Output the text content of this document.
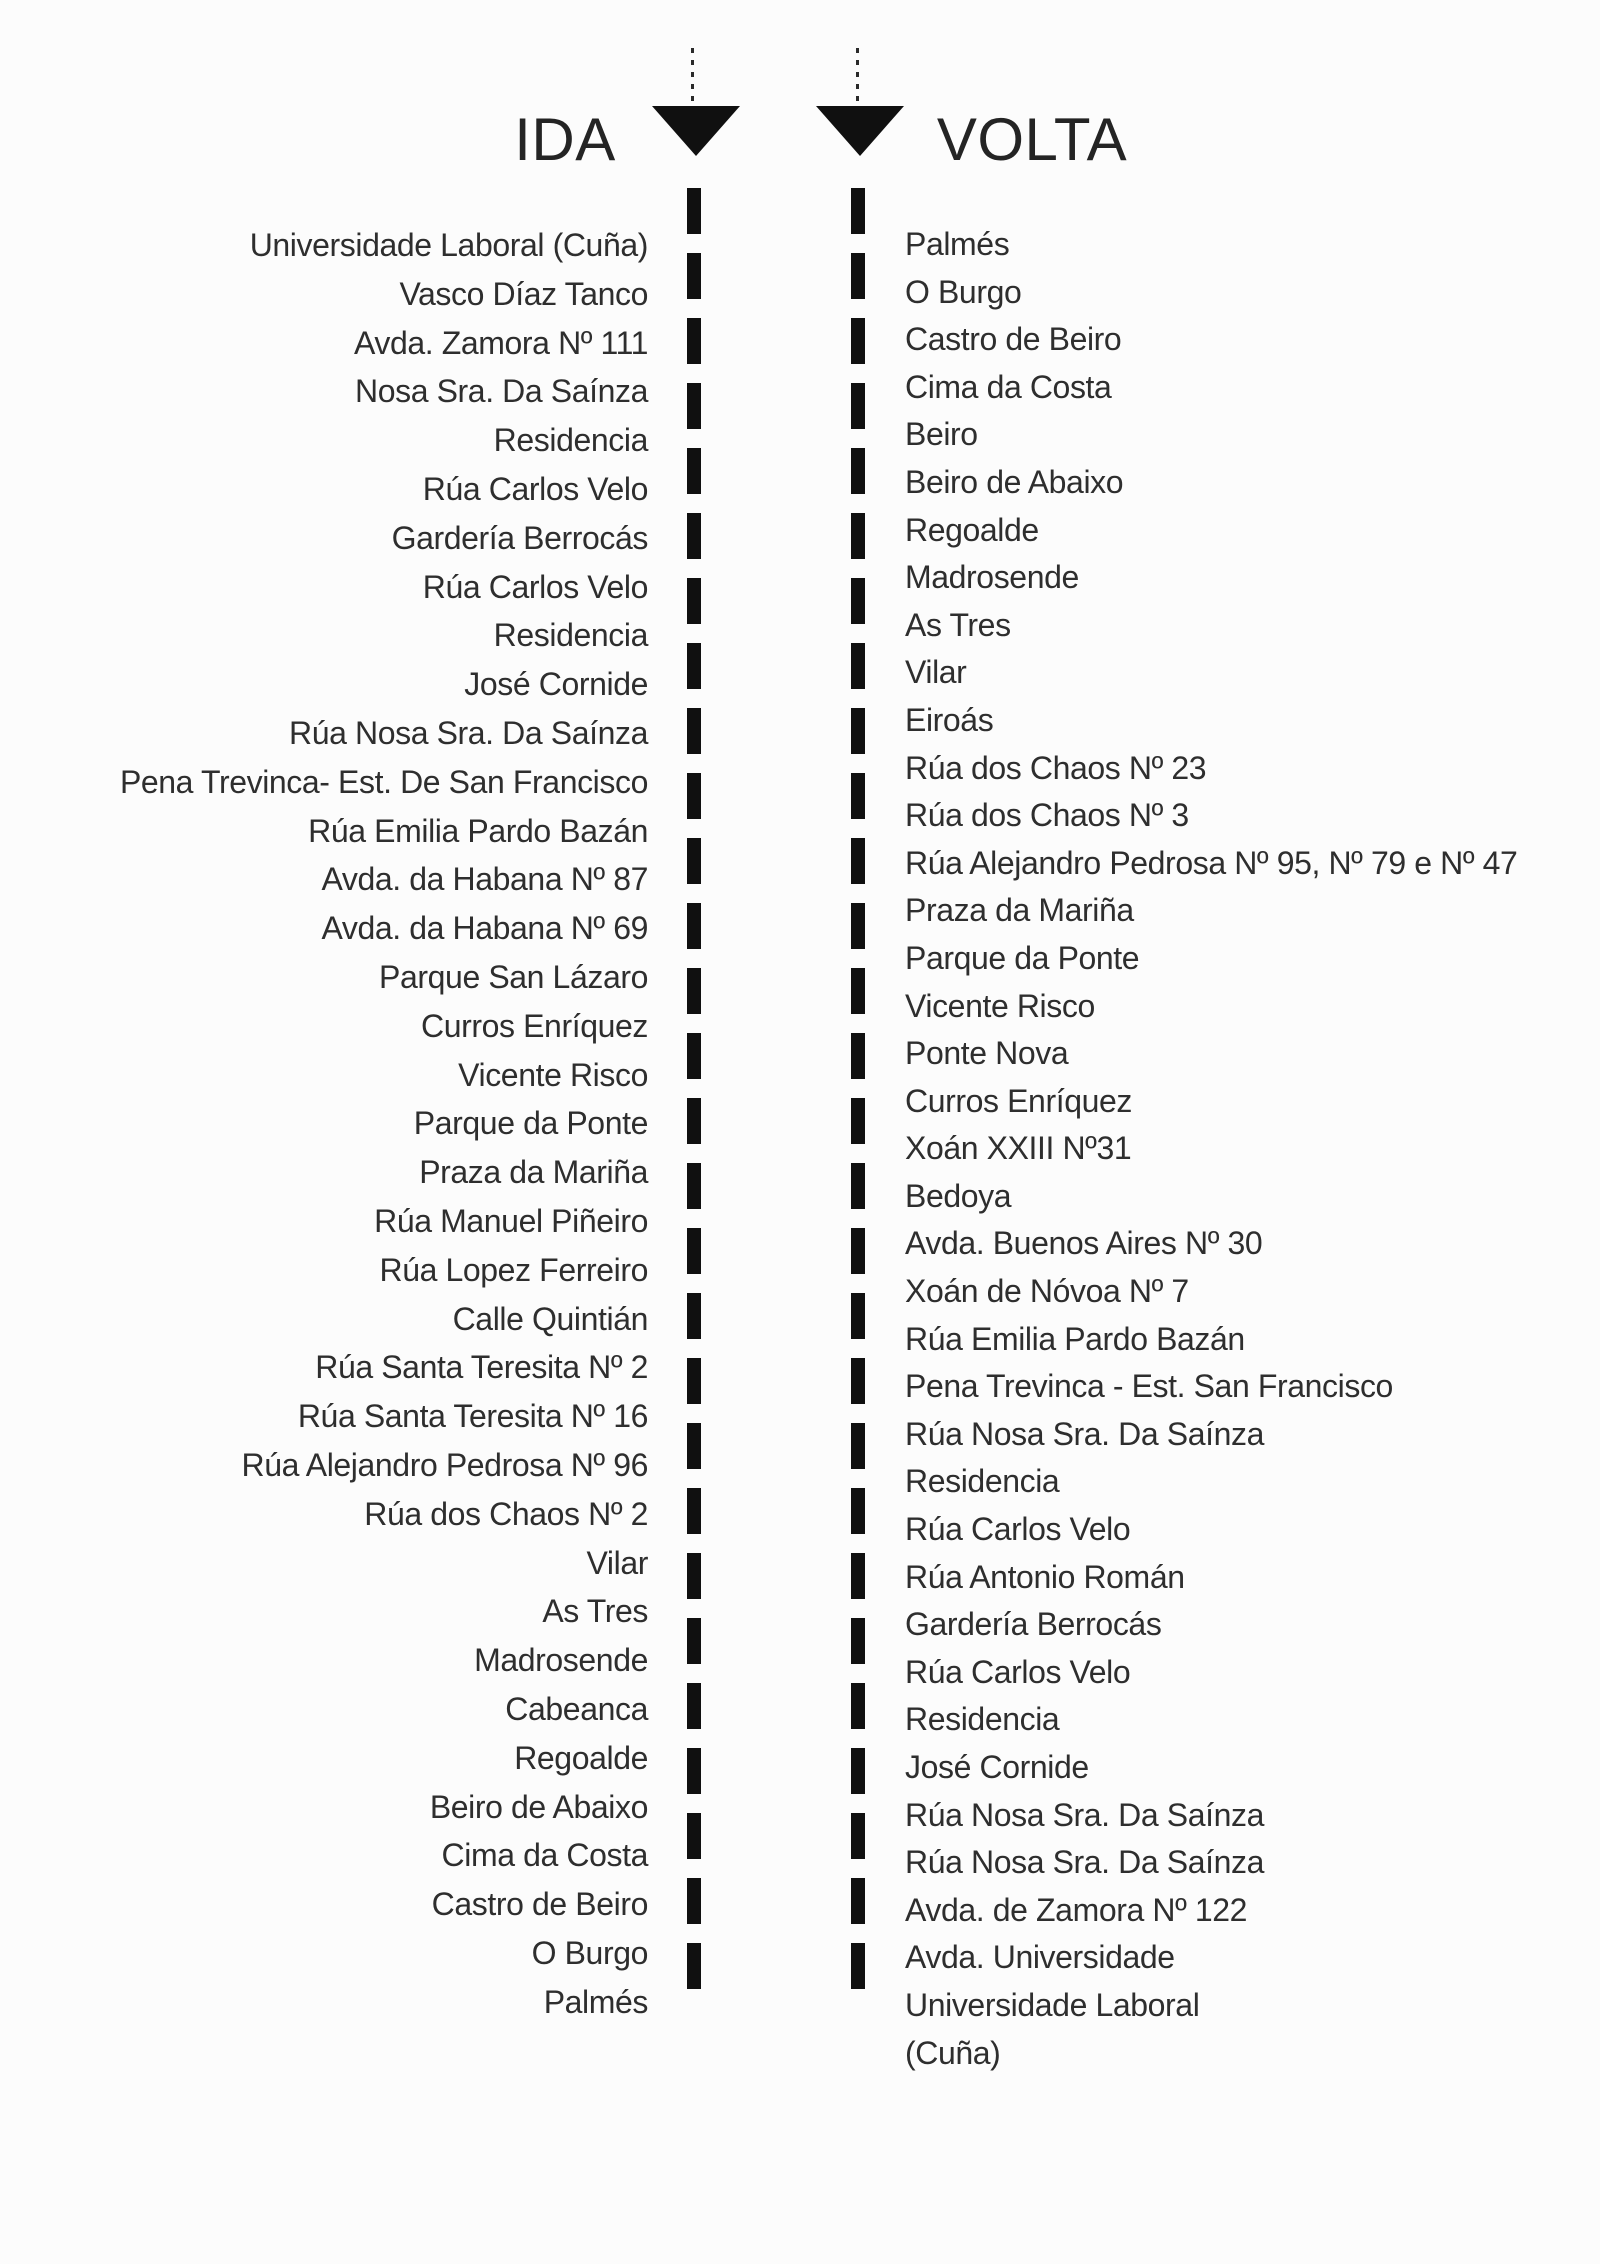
IDA	VOLTA
Universidade Laboral (Cuña)
Vasco Díaz Tanco
Avda. Zamora Nº 111
Nosa Sra. Da Saínza
Residencia
Rúa Carlos Velo
Gardería Berrocás
Rúa Carlos Velo
Residencia
José Cornide
Rúa Nosa Sra. Da Saínza
Pena Trevinca- Est. De San Francisco
Rúa Emilia Pardo Bazán
Avda. da Habana Nº 87
Avda. da Habana Nº 69
Parque San Lázaro
Curros Enríquez
Vicente Risco
Parque da Ponte
Praza da Mariña
Rúa Manuel Piñeiro
Rúa Lopez Ferreiro
Calle Quintián
Rúa Santa Teresita Nº 2
Rúa Santa Teresita Nº 16
Rúa Alejandro Pedrosa Nº 96
Rúa dos Chaos Nº 2
Vilar
As Tres
Madrosende
Cabeanca
Regoalde
Beiro de Abaixo
Cima da Costa
Castro de Beiro
O Burgo
Palmés
Palmés
O Burgo
Castro de Beiro
Cima da Costa
Beiro
Beiro de Abaixo
Regoalde
Madrosende
As Tres
Vilar
Eiroás
Rúa dos Chaos Nº 23
Rúa dos Chaos Nº 3
Rúa Alejandro Pedrosa Nº 95, Nº 79 e Nº 47
Praza da Mariña
Parque da Ponte
Vicente Risco
Ponte Nova
Curros Enríquez
Xoán XXIII Nº31
Bedoya
Avda. Buenos Aires Nº 30
Xoán de Nóvoa Nº 7
Rúa Emilia Pardo Bazán
Pena Trevinca - Est. San Francisco
Rúa Nosa Sra. Da Saínza
Residencia
Rúa Carlos Velo
Rúa Antonio Román
Gardería Berrocás
Rúa Carlos Velo
Residencia
José Cornide
Rúa Nosa Sra. Da Saínza
Rúa Nosa Sra. Da Saínza
Avda. de Zamora Nº 122
Avda. Universidade
Universidade Laboral
(Cuña)
